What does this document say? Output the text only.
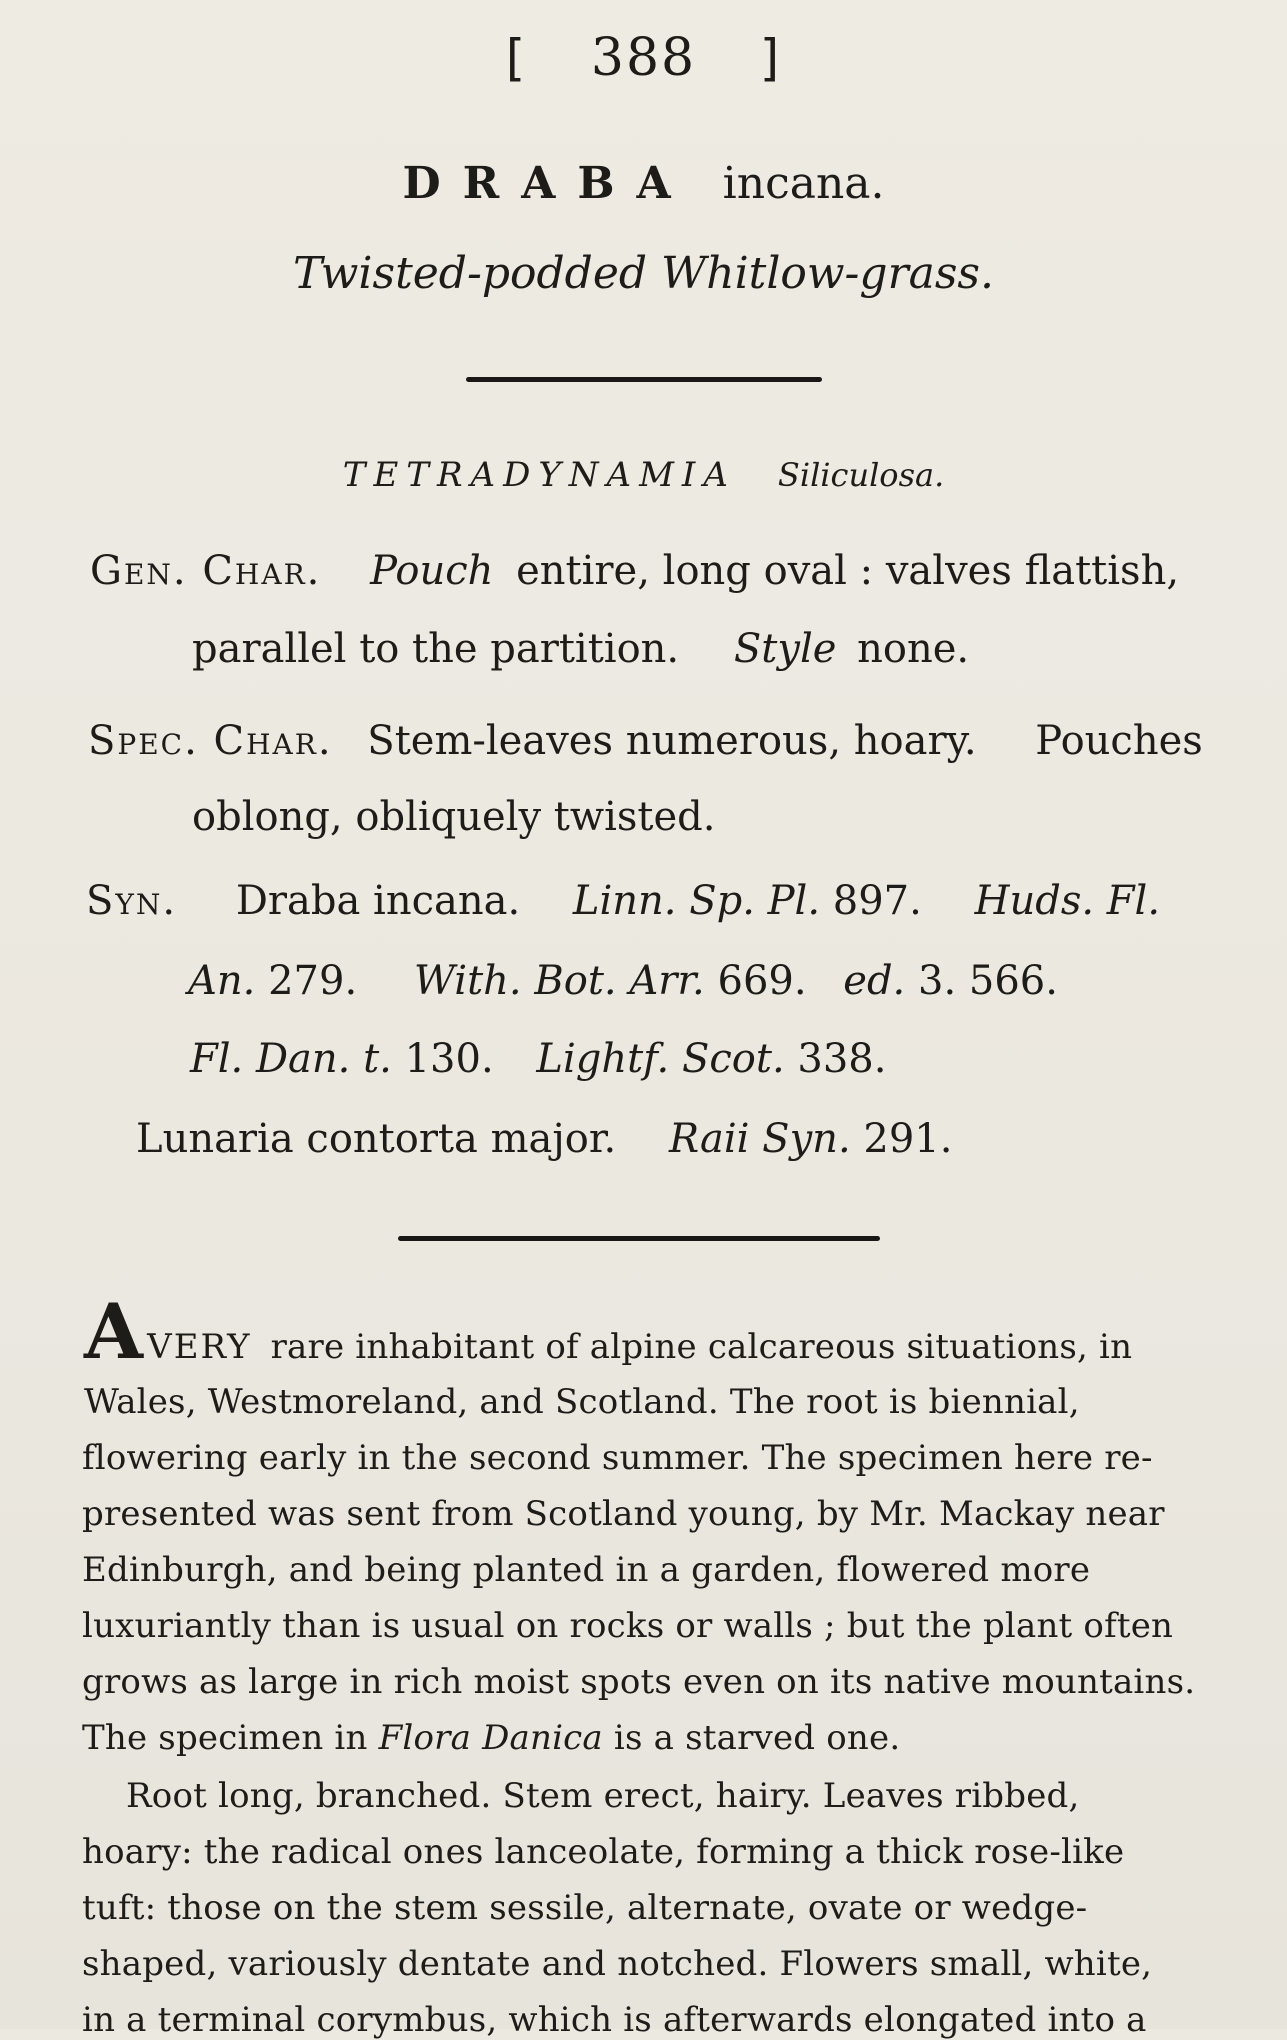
[ 388 ]
DRABA incana.
Twisted-podded Whitlow-grass.
TETRADYNAMIA Siliculosa.
Gen. Char. Pouch entire, long oval : valves flattish,
parallel to the partition. Style none.
Spec. Char. Stem-leaves numerous, hoary. Pouches
oblong, obliquely twisted.
Syn. Draba incana. Linn. Sp. Pl. 897. Huds. Fl.
An. 279. With. Bot. Arr. 669. ed. 3. 566.
Fl. Dan. t. 130. Lightf. Scot. 338.
Lunaria contorta major. Raii Syn. 291.
AVERY rare inhabitant of alpine calcareous situations, in
Wales, Westmoreland, and Scotland. The root is biennial,
flowering early in the second summer. The specimen here re-
presented was sent from Scotland young, by Mr. Mackay near
Edinburgh, and being planted in a garden, flowered more
luxuriantly than is usual on rocks or walls ; but the plant often
grows as large in rich moist spots even on its native mountains.
The specimen in Flora Danica is a starved one.
Root long, branched. Stem erect, hairy. Leaves ribbed,
hoary: the radical ones lanceolate, forming a thick rose-like
tuft: those on the stem sessile, alternate, ovate or wedge-
shaped, variously dentate and notched. Flowers small, white,
in a terminal corymbus, which is afterwards elongated into a
